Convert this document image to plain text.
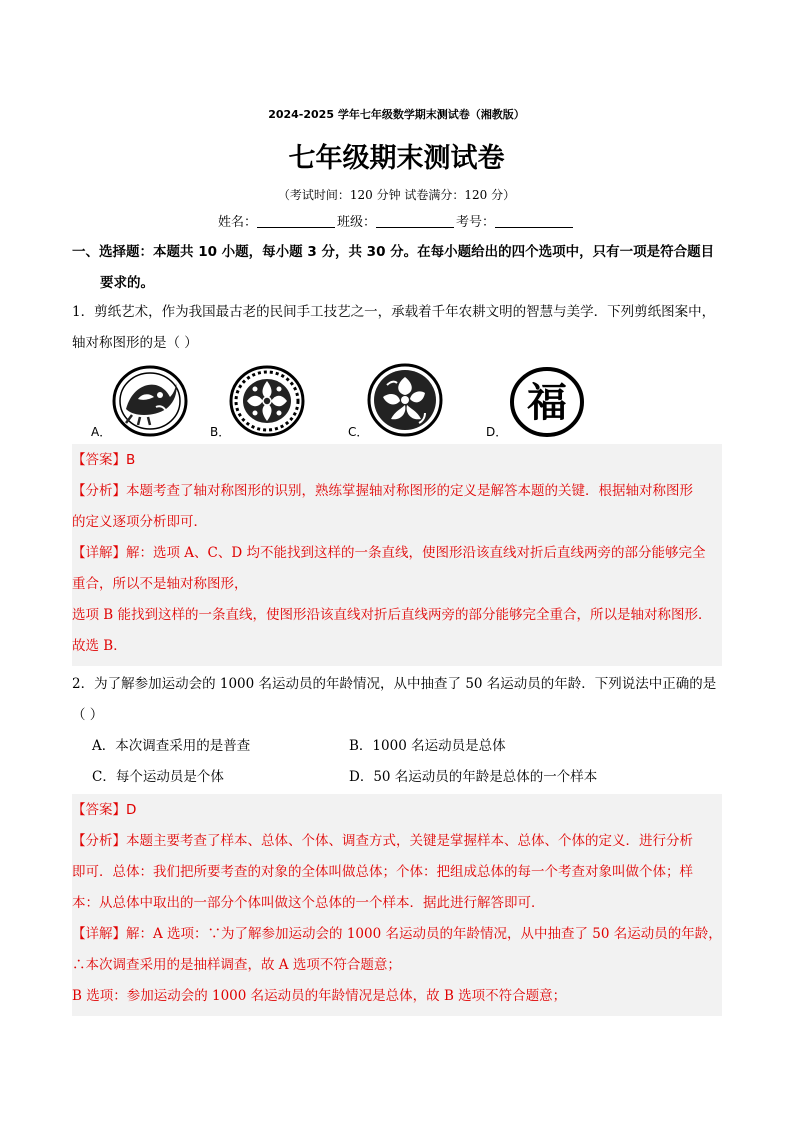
2024-2025 学年七年级数学期末测试卷（湘教版）
七年级期末测试卷
（考试时间：120 分钟 试卷满分：120 分）
姓名：	班级：	考号：
一、选择题：本题共 10 小题，每小题 3 分，共 30 分。在每小题给出的四个选项中，只有一项是符合题目
要求的。
1．剪纸艺术，作为我国最古老的民间手工技艺之一，承载着千年农耕文明的智慧与美学．下列剪纸图案中，
轴对称图形的是（ ）
A．	B．	C．	D．
福
【答案】B
【分析】本题考查了轴对称图形的识别，熟练掌握轴对称图形的定义是解答本题的关键．根据轴对称图形
的定义逐项分析即可．
【详解】解：选项 A、C、D 均不能找到这样的一条直线，使图形沿该直线对折后直线两旁的部分能够完全
重合，所以不是轴对称图形，
选项 B 能找到这样的一条直线，使图形沿该直线对折后直线两旁的部分能够完全重合，所以是轴对称图形．
故选 B．
2．为了解参加运动会的 1000 名运动员的年龄情况，从中抽查了 50 名运动员的年龄．下列说法中正确的是
（ ）
A．本次调查采用的是普查	B．1000 名运动员是总体
C．每个运动员是个体	D．50 名运动员的年龄是总体的一个样本
【答案】D
【分析】本题主要考查了样本、总体、个体、调查方式，关键是掌握样本、总体、个体的定义．进行分析
即可．总体：我们把所要考查的对象的全体叫做总体；个体：把组成总体的每一个考查对象叫做个体；样
本：从总体中取出的一部分个体叫做这个总体的一个样本．据此进行解答即可．
【详解】解：A 选项：∵为了解参加运动会的 1000 名运动员的年龄情况，从中抽查了 50 名运动员的年龄，
∴本次调查采用的是抽样调查，故 A 选项不符合题意；
B 选项：参加运动会的 1000 名运动员的年龄情况是总体，故 B 选项不符合题意；
